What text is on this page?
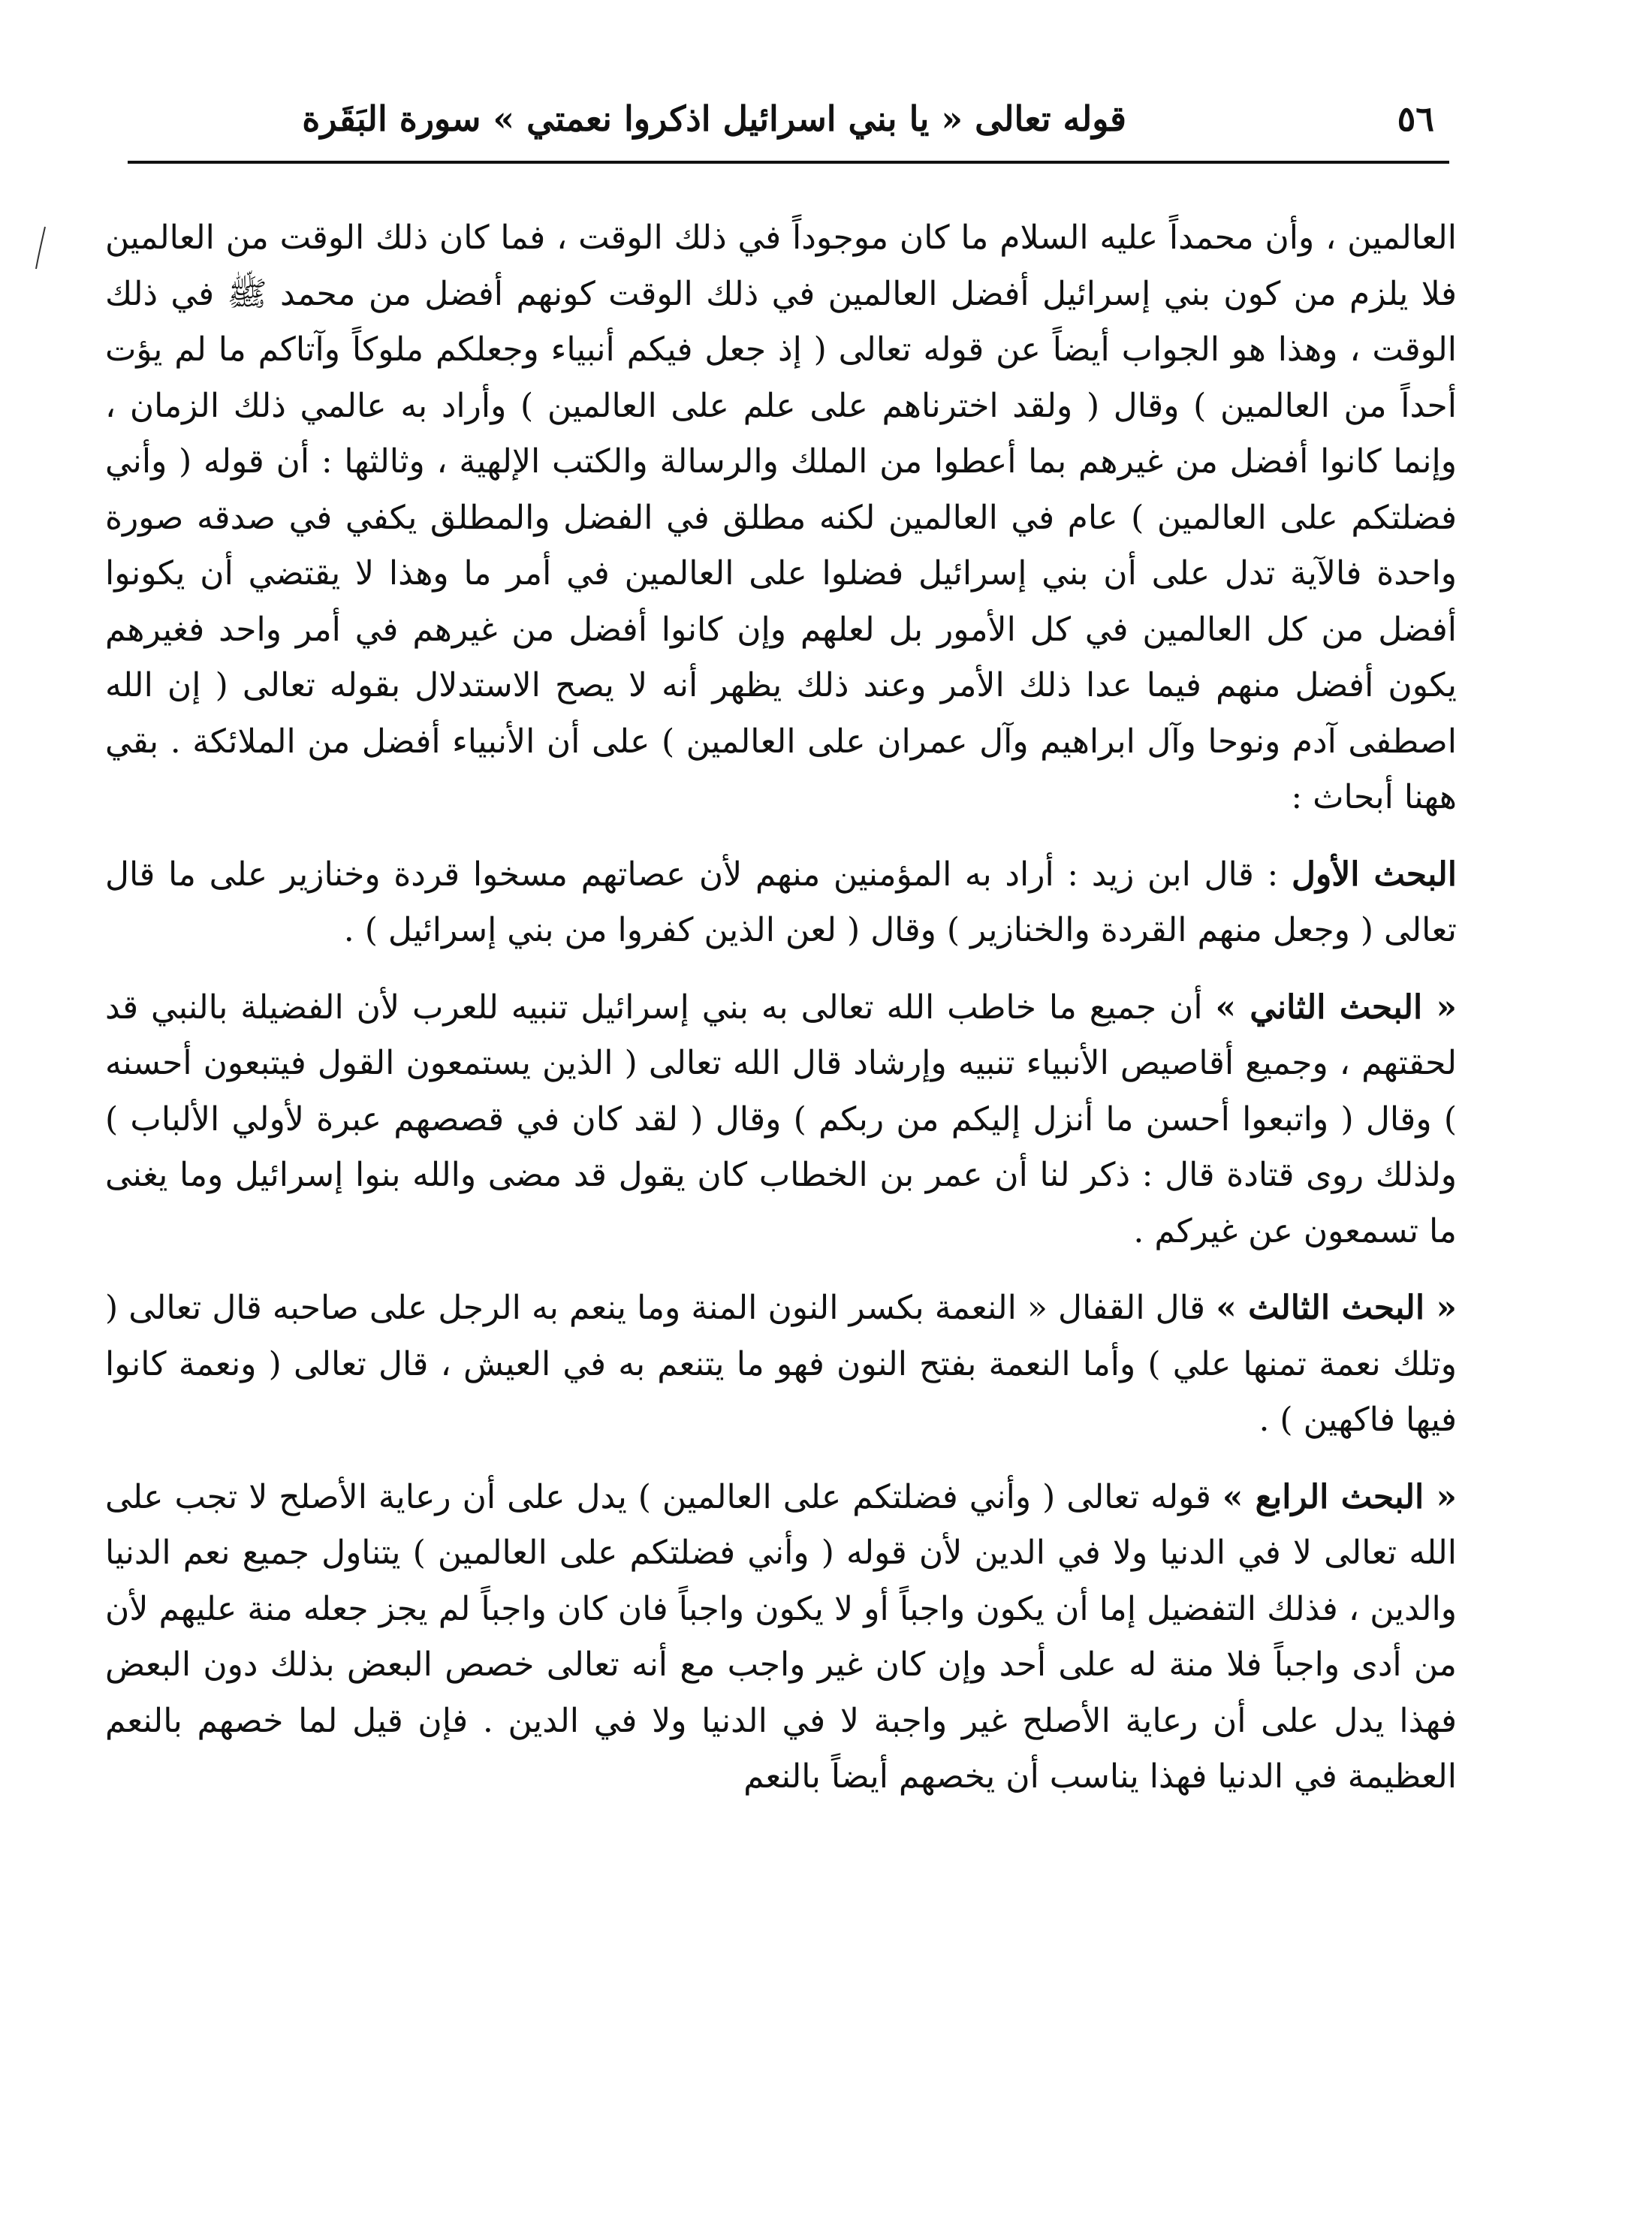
٥٦
قوله تعالى « يا بني اسرائيل اذكروا نعمتي » سورة البَقَرة

العالمين ، وأن محمداً عليه السلام ما كان موجوداً في ذلك الوقت ، فما كان ذلك الوقت من العالمين فلا يلزم من كون بني إسرائيل أفضل العالمين في ذلك الوقت كونهم أفضل من محمد ﷺ في ذلك الوقت ، وهذا هو الجواب أيضاً عن قوله تعالى ( إذ جعل فيكم أنبياء وجعلكم ملوكاً وآتاكم ما لم يؤت أحداً من العالمين ) وقال ( ولقد اخترناهم على علم على العالمين ) وأراد به عالمي ذلك الزمان ، وإنما كانوا أفضل من غيرهم بما أعطوا من الملك والرسالة والكتب الإلهية ، وثالثها : أن قوله ( وأني فضلتكم على العالمين ) عام في العالمين لكنه مطلق في الفضل والمطلق يكفي في صدقه صورة واحدة فالآية تدل على أن بني إسرائيل فضلوا على العالمين في أمر ما وهذا لا يقتضي أن يكونوا أفضل من كل العالمين في كل الأمور بل لعلهم وإن كانوا أفضل من غيرهم في أمر واحد فغيرهم يكون أفضل منهم فيما عدا ذلك الأمر وعند ذلك يظهر أنه لا يصح الاستدلال بقوله تعالى ( إن الله اصطفى آدم ونوحا وآل ابراهيم وآل عمران على العالمين ) على أن الأنبياء أفضل من الملائكة . بقي ههنا أبحاث :

البحث الأول : قال ابن زيد : أراد به المؤمنين منهم لأن عصاتهم مسخوا قردة وخنازير على ما قال تعالى ( وجعل منهم القردة والخنازير ) وقال ( لعن الذين كفروا من بني إسرائيل ) .

« البحث الثاني » أن جميع ما خاطب الله تعالى به بني إسرائيل تنبيه للعرب لأن الفضيلة بالنبي قد لحقتهم ، وجميع أقاصيص الأنبياء تنبيه وإرشاد قال الله تعالى ( الذين يستمعون القول فيتبعون أحسنه ) وقال ( واتبعوا أحسن ما أنزل إليكم من ربكم ) وقال ( لقد كان في قصصهم عبرة لأولي الألباب ) ولذلك روى قتادة قال : ذكر لنا أن عمر بن الخطاب كان يقول قد مضى والله بنوا إسرائيل وما يغنى ما تسمعون عن غيركم .

« البحث الثالث » قال القفال « النعمة بكسر النون المنة وما ينعم به الرجل على صاحبه قال تعالى ( وتلك نعمة تمنها علي ) وأما النعمة بفتح النون فهو ما يتنعم به في العيش ، قال تعالى ( ونعمة كانوا فيها فاكهين ) .

« البحث الرابع » قوله تعالى ( وأني فضلتكم على العالمين ) يدل على أن رعاية الأصلح لا تجب على الله تعالى لا في الدنيا ولا في الدين لأن قوله ( وأني فضلتكم على العالمين ) يتناول جميع نعم الدنيا والدين ، فذلك التفضيل إما أن يكون واجباً أو لا يكون واجباً فان كان واجباً لم يجز جعله منة عليهم لأن من أدى واجباً فلا منة له على أحد وإن كان غير واجب مع أنه تعالى خصص البعض بذلك دون البعض فهذا يدل على أن رعاية الأصلح غير واجبة لا في الدنيا ولا في الدين . فإن قيل لما خصهم بالنعم العظيمة في الدنيا فهذا يناسب أن يخصهم أيضاً بالنعم
